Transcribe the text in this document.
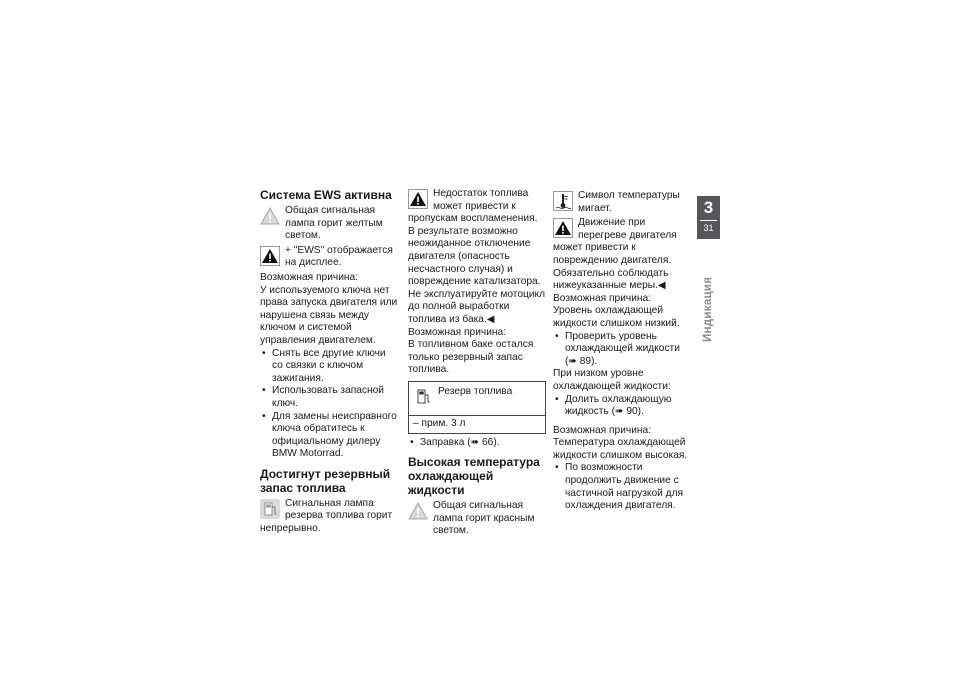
Система EWS активна
Общая сигнальная лампа горит желтым светом.
+ "EWS" отображается на дисплее.

Возможная причина:

У используемого ключа нет права запуска двигателя или нарушена связь между ключом и системой управления двигателем.

• Снять все другие ключи со связки с ключом зажигания.
• Использовать запасной ключ.
• Для замены неисправного ключа обратитесь к официальному дилеру BMW Motorrad.
Достигнут резервный запас топлива
Сигнальная лампа резерва топлива горит непрерывно.
Недостаток топлива может привести к пропускам воспламенения. В результате возможно неожиданное отключение двигателя (опасность несчастного случая) и повреждение катализатора.

Не эксплуатируйте мотоцикл до полной выработки топлива из бака.◀

Возможная причина:

В топливном баке остался только резервный запас топлива.

Резерв топлива
– прим. 3 л
• Заправка (➠ 66).
Высокая температура охлаждающей жидкости
Общая сигнальная лампа горит красным светом.
Символ температуры мигает.
Движение при перегреве двигателя может привести к повреждению двигателя. Обязательно соблюдать нижеуказанные меры.◀

Возможная причина:

Уровень охлаждающей жидкости слишком низкий.

• Проверить уровень охлаждающей жидкости (➠ 89).

При низком уровне охлаждающей жидкости:

• Долить охлаждающую жидкость (➠ 90).

Возможная причина:

Температура охлаждающей жидкости слишком высокая.

• По возможности продолжить движение с частичной нагрузкой для охлаждения двигателя.
3
31
Индикация
